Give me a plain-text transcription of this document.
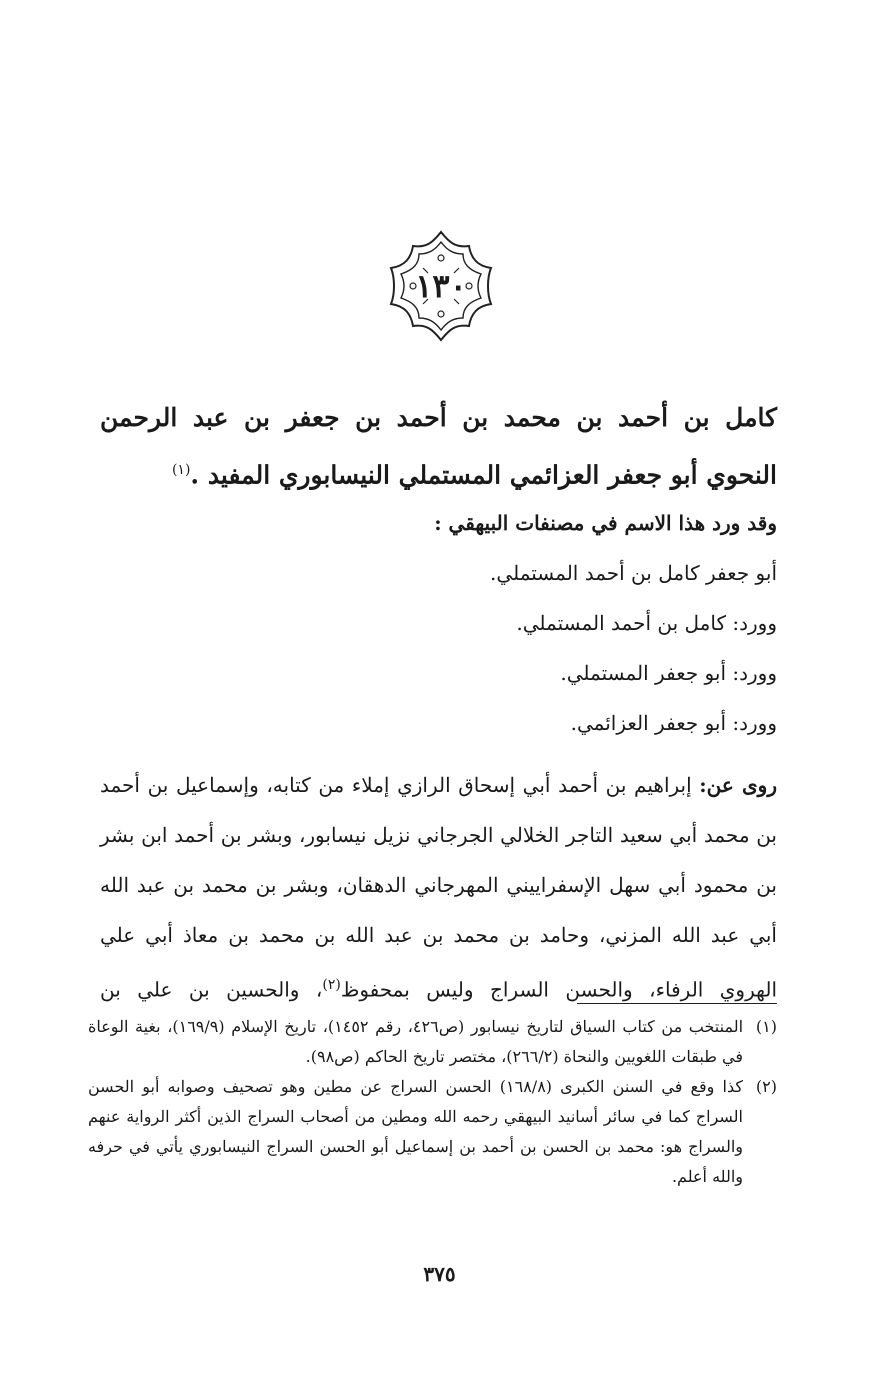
١٣٠
كامل بن أحمد بن محمد بن أحمد بن جعفر بن عبد الرحمن النحوي أبو جعفر العزائمي المستملي النيسابوري المفيد .$^{(١)}$
وقد ورد هذا الاسم في مصنفات البيهقي :
أبو جعفر كامل بن أحمد المستملي.
وورد: كامل بن أحمد المستملي.
وورد: أبو جعفر المستملي.
وورد: أبو جعفر العزائمي.
روى عن: إبراهيم بن أحمد أبي إسحاق الرازي إملاء من كتابه، وإسماعيل بن أحمد بن محمد أبي سعيد التاجر الخلالي الجرجاني نزيل نيسابور، وبشر بن أحمد ابن بشر بن محمود أبي سهل الإسفراييني المهرجاني الدهقان، وبشر بن محمد بن عبد الله أبي عبد الله المزني، وحامد بن محمد بن عبد الله بن محمد بن معاذ أبي علي الهروي الرفاء، والحسن السراج وليس بمحفوظ$^{(٢)}$، والحسين بن علي بن
(١)
المنتخب من كتاب السياق لتاريخ نيسابور (ص٤٢٦، رقم ١٤٥٢)، تاريخ الإسلام (١٦٩/٩)، بغية الوعاة في طبقات اللغويين والنحاة (٢٦٦/٢)، مختصر تاريخ الحاكم (ص٩٨).
(٢)
كذا وقع في السنن الكبرى (١٦٨/٨) الحسن السراج عن مطين وهو تصحيف وصوابه أبو الحسن السراج كما في سائر أسانيد البيهقي رحمه الله ومطين من أصحاب السراج الذين أكثر الرواية عنهم والسراج هو: محمد بن الحسن بن أحمد بن إسماعيل أبو الحسن السراج النيسابوري يأتي في حرفه والله أعلم.
٣٧٥
